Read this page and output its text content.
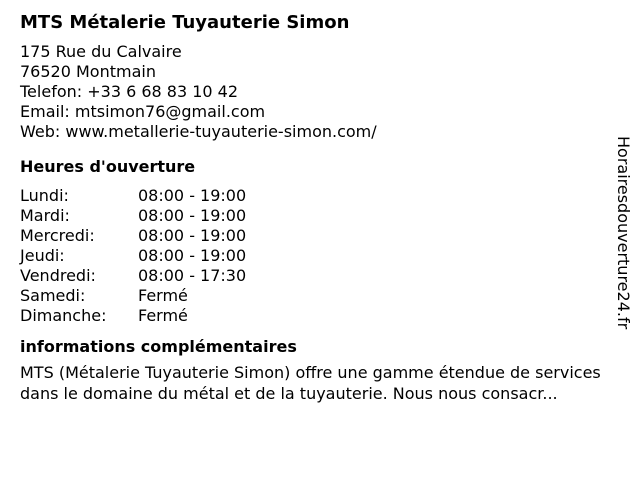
MTS Métalerie Tuyauterie Simon
175 Rue du Calvaire
76520 Montmain
Telefon: +33 6 68 83 10 42
Email: mtsimon76@gmail.com
Web: www.metallerie-tuyauterie-simon.com/
Heures d'ouverture
Lundi:	08:00 - 19:00
Mardi:	08:00 - 19:00
Mercredi:	08:00 - 19:00
Jeudi:	08:00 - 19:00
Vendredi:	08:00 - 17:30
Samedi:	Fermé
Dimanche:	Fermé
informations complémentaires
MTS (Métalerie Tuyauterie Simon) offre une gamme étendue de services dans le domaine du métal et de la tuyauterie. Nous nous consacr...
Horairesdouverture24.fr
